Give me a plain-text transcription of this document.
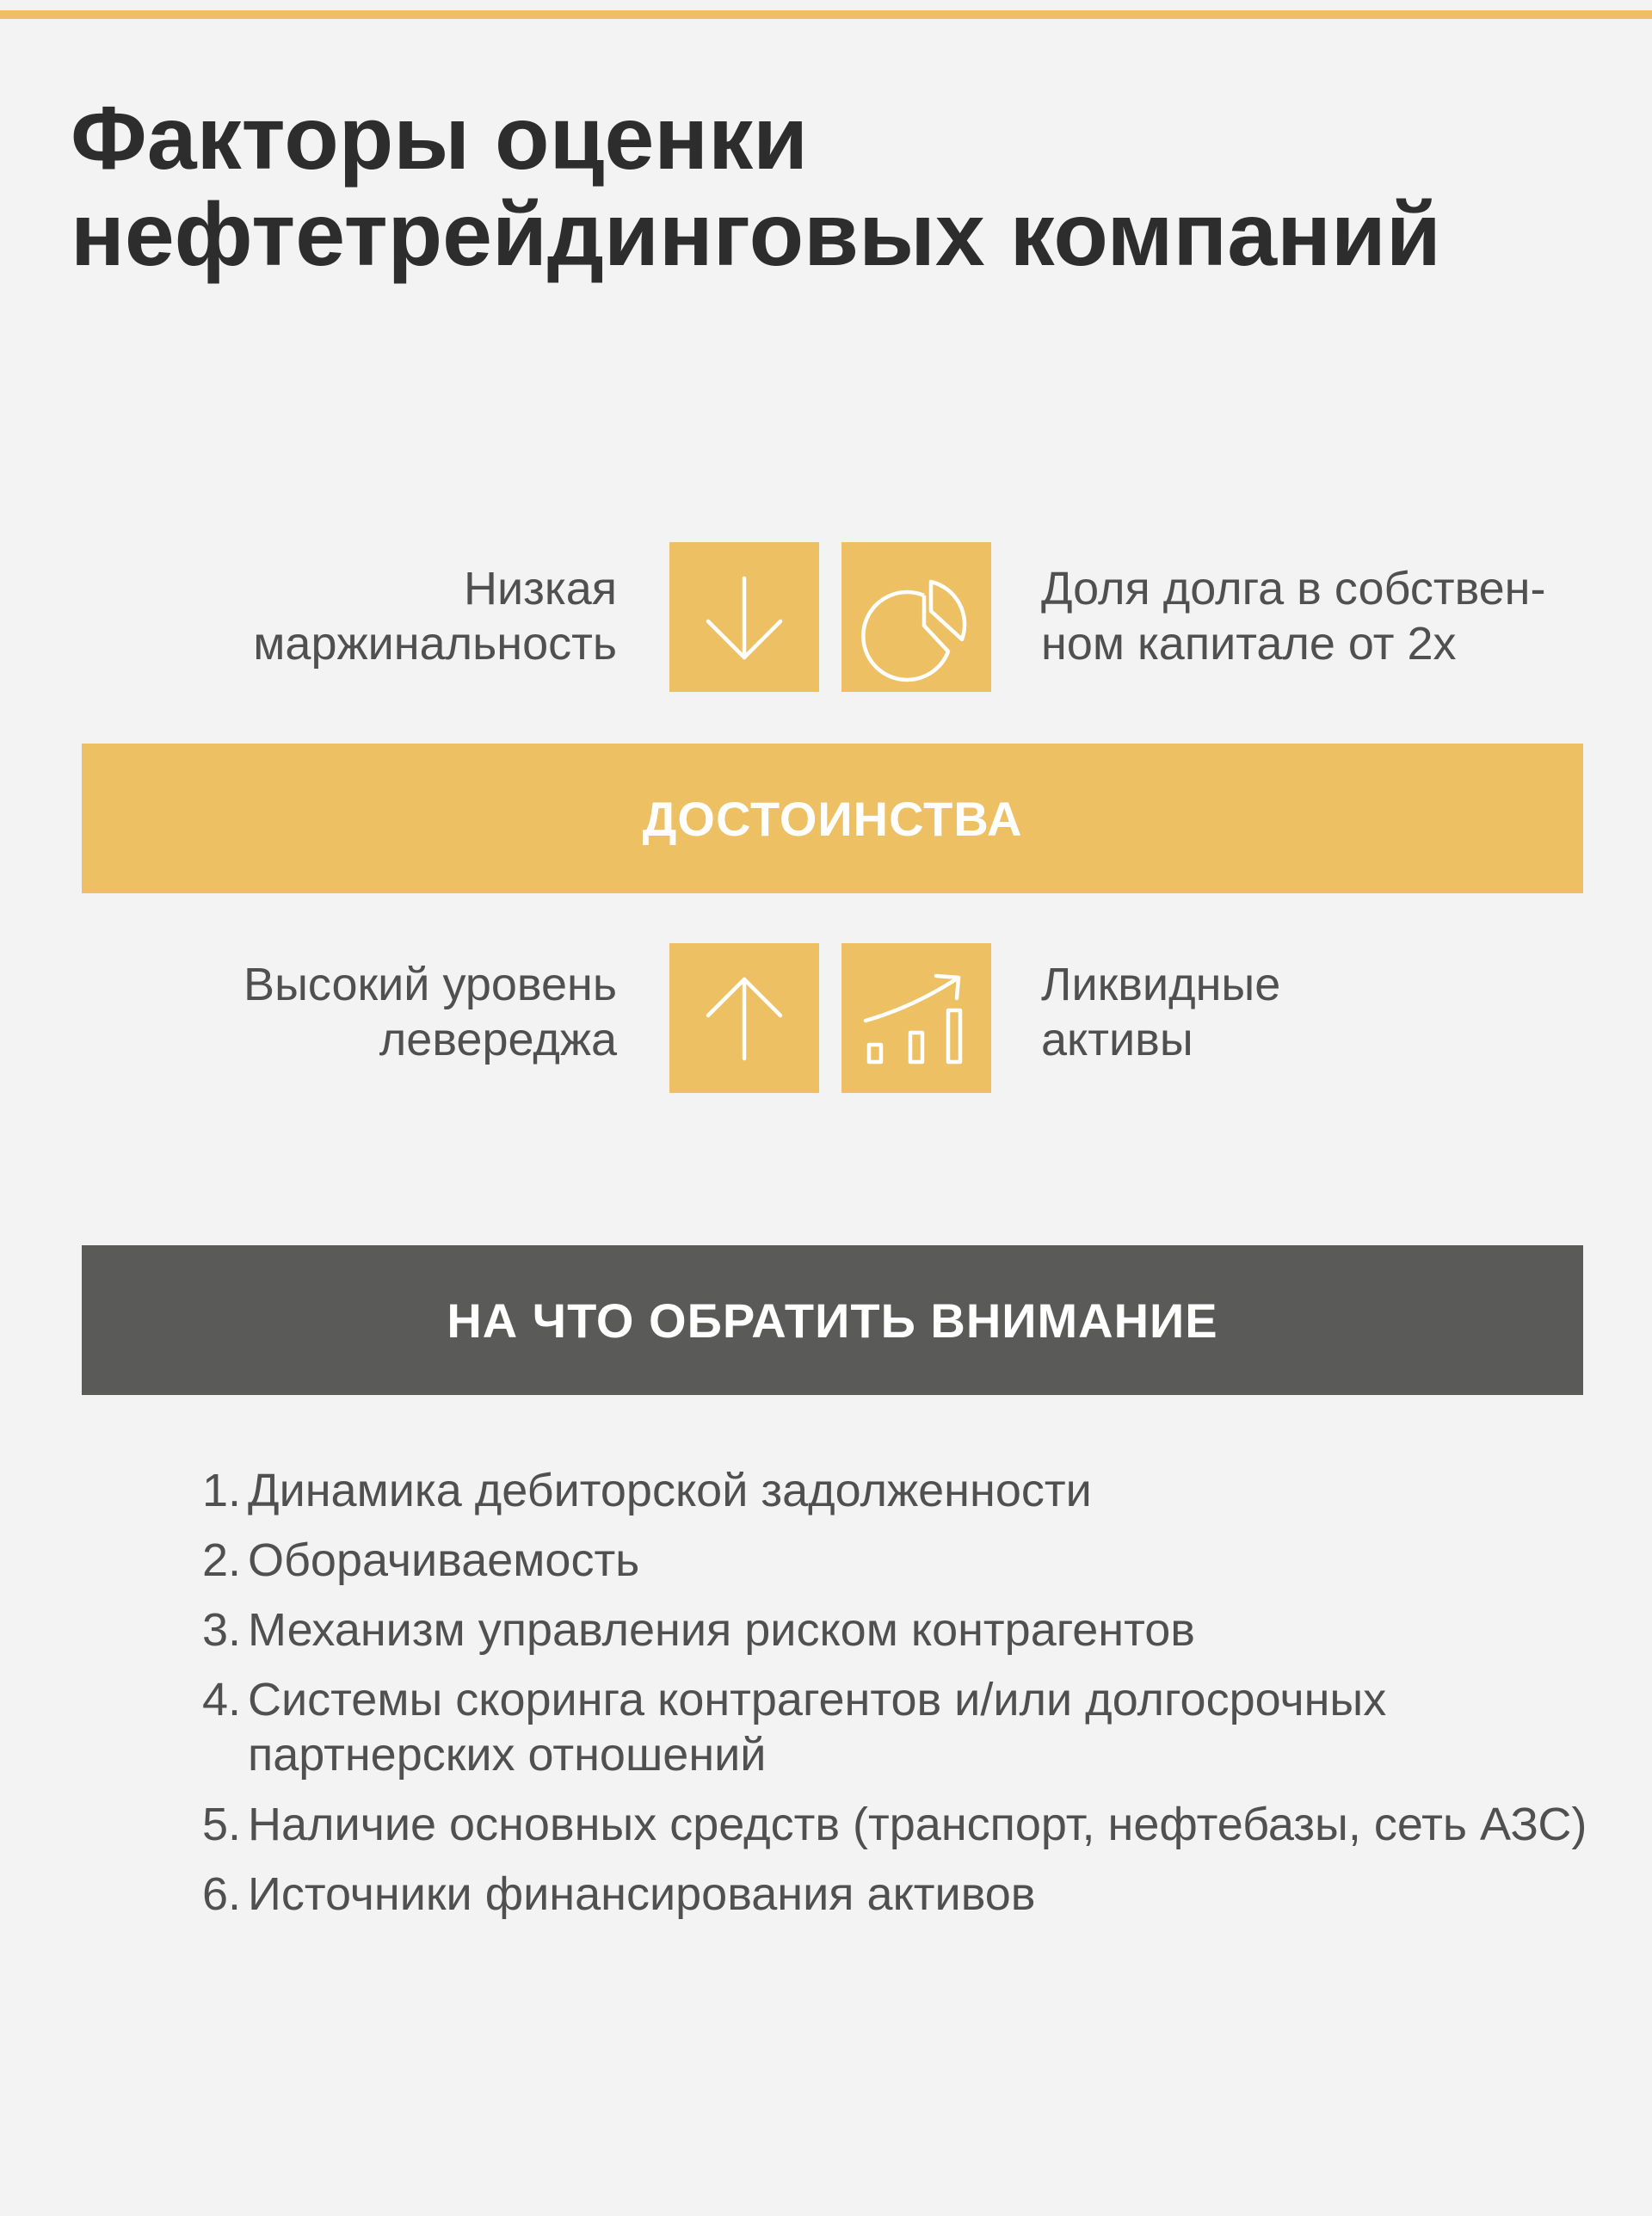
Факторы оценки
нефтетрейдинговых компаний
Низкая
маржинальность
Доля долга в собствен-
ном капитале от 2х
ДОСТОИНСТВА
Высокий уровень
левереджа
Ликвидные
активы
НА ЧТО ОБРАТИТЬ ВНИМАНИЕ
1. Динамика дебиторской задолженности
2. Оборачиваемость
3. Механизм управления риском контрагентов
4. Системы скоринга контрагентов и/или долгосрочных партнерских отношений
5. Наличие основных средств (транспорт, нефтебазы, сеть АЗС)
6. Источники финансирования активов
